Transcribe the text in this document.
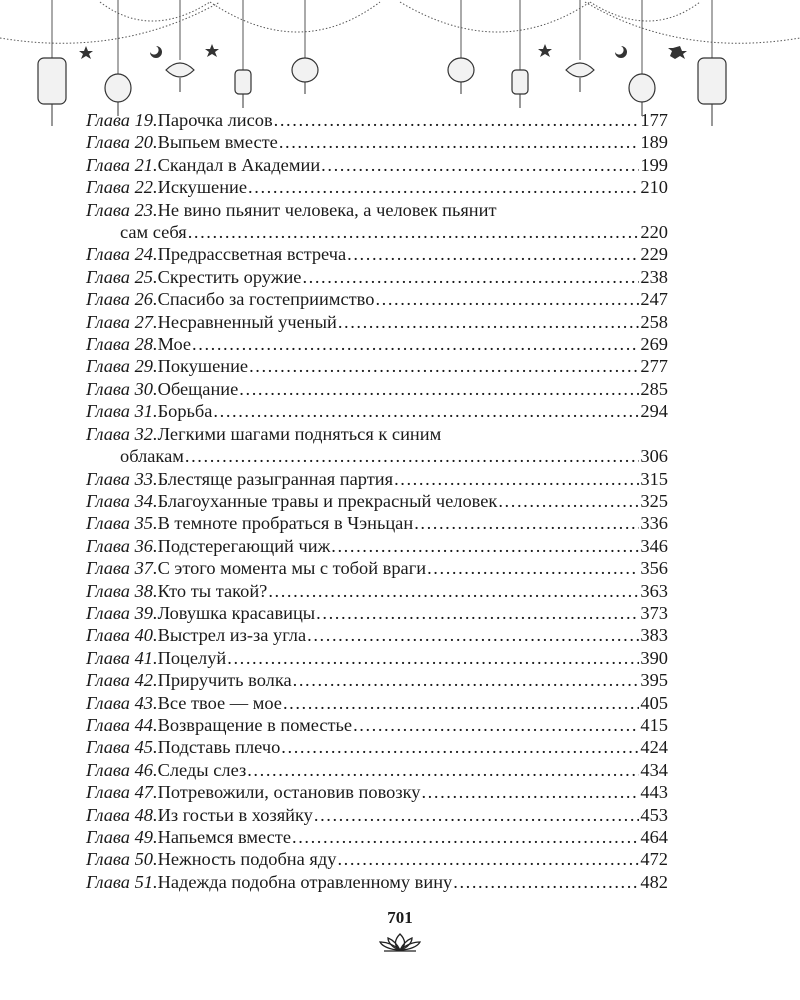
Глава 19. Парочка лисов . . .	177
Глава 20. Выпьем вместе . . .	189
Глава 21. Скандал в Академии . . .	199
Глава 22. Искушение . . .	210
Глава 23. Не вино пьянит человека, а человек пьянит
сам себя . . .	220
Глава 24. Предрассветная встреча . . .	229
Глава 25. Скрестить оружие . . .	238
Глава 26. Спасибо за гостеприимство . . .	247
Глава 27. Несравненный ученый . . .	258
Глава 28. Мое . . .	269
Глава 29. Покушение . . .	277
Глава 30. Обещание . . .	285
Глава 31. Борьба . . .	294
Глава 32. Легкими шагами подняться к синим
облакам . . .	306
Глава 33. Блестяще разыгранная партия . . .	315
Глава 34. Благоуханные травы и прекрасный человек . . .	325
Глава 35. В темноте пробраться в Чэньцан . . .	336
Глава 36. Подстерегающий чиж . . .	346
Глава 37. С этого момента мы с тобой враги . . .	356
Глава 38. Кто ты такой? . . .	363
Глава 39. Ловушка красавицы . . .	373
Глава 40. Выстрел из-за угла . . .	383
Глава 41. Поцелуй . . .	390
Глава 42. Приручить волка . . .	395
Глава 43. Все твое — мое . . .	405
Глава 44. Возвращение в поместье . . .	415
Глава 45. Подставь плечо . . .	424
Глава 46. Следы слез . . .	434
Глава 47. Потревожили, остановив повозку . . .	443
Глава 48. Из гостьи в хозяйку . . .	453
Глава 49. Напьемся вместе . . .	464
Глава 50. Нежность подобна яду . . .	472
Глава 51. Надежда подобна отравленному вину . . .	482
701
